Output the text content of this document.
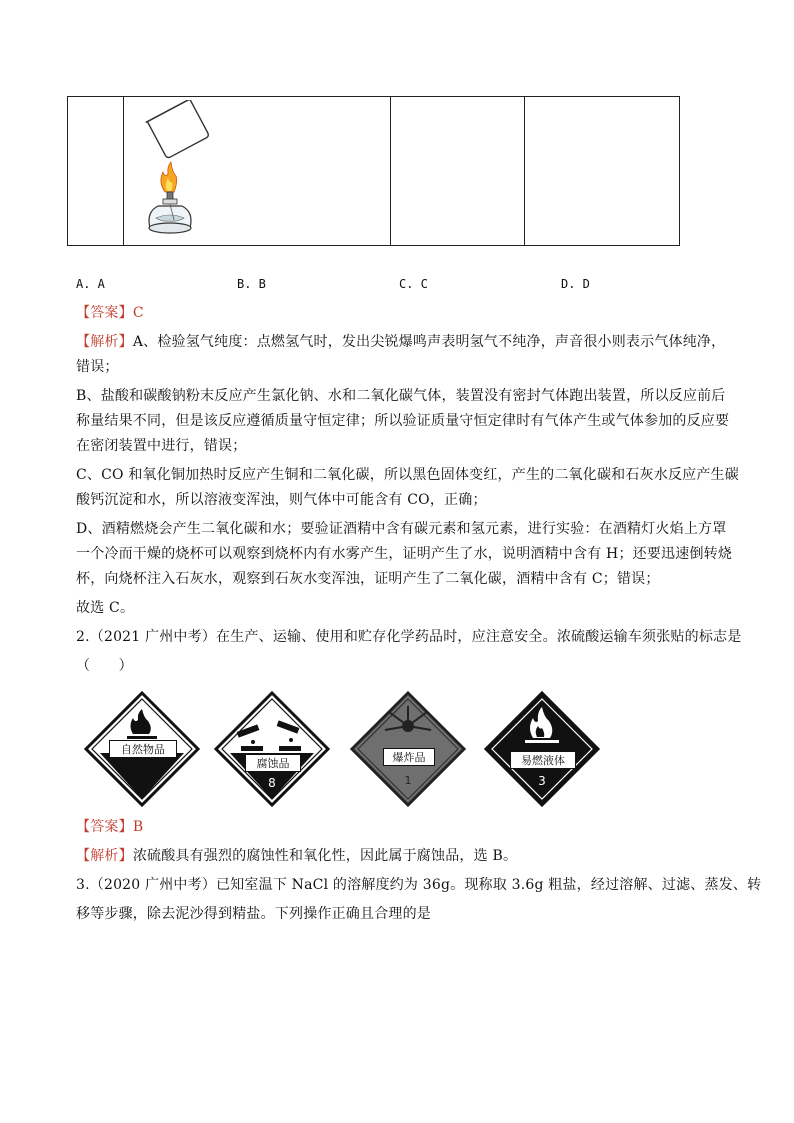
A. A	B. B	C. C	D. D
【答案】C
【解析】A、检验氢气纯度：点燃氢气时，发出尖锐爆鸣声表明氢气不纯净，声音很小则表示气体纯净，
错误；
B、盐酸和碳酸钠粉末反应产生氯化钠、水和二氧化碳气体，装置没有密封气体跑出装置，所以反应前后
称量结果不同，但是该反应遵循质量守恒定律；所以验证质量守恒定律时有气体产生或气体参加的反应要
在密闭装置中进行，错误；
C、CO 和氧化铜加热时反应产生铜和二氧化碳，所以黑色固体变红，产生的二氧化碳和石灰水反应产生碳
酸钙沉淀和水，所以溶液变浑浊，则气体中可能含有 CO，正确；
D、酒精燃烧会产生二氧化碳和水；要验证酒精中含有碳元素和氢元素，进行实验：在酒精灯火焰上方罩
一个冷而干燥的烧杯可以观察到烧杯内有水雾产生，证明产生了水，说明酒精中含有 H；还要迅速倒转烧
杯，向烧杯注入石灰水，观察到石灰水变浑浊，证明产生了二氧化碳，酒精中含有 C；错误；
故选 C。
2.（2021 广州中考）在生产、运输、使用和贮存化学药品时，应注意安全。浓硫酸运输车须张贴的标志是
（　　）
自然物品
腐蚀品
8
爆炸品
1
易燃液体
3
【答案】B
【解析】浓硫酸具有强烈的腐蚀性和氧化性，因此属于腐蚀品，选 B。
3.（2020 广州中考）已知室温下 NaCl 的溶解度约为 36g。现称取 3.6g 粗盐，经过溶解、过滤、蒸发、转
移等步骤，除去泥沙得到精盐。下列操作正确且合理的是
